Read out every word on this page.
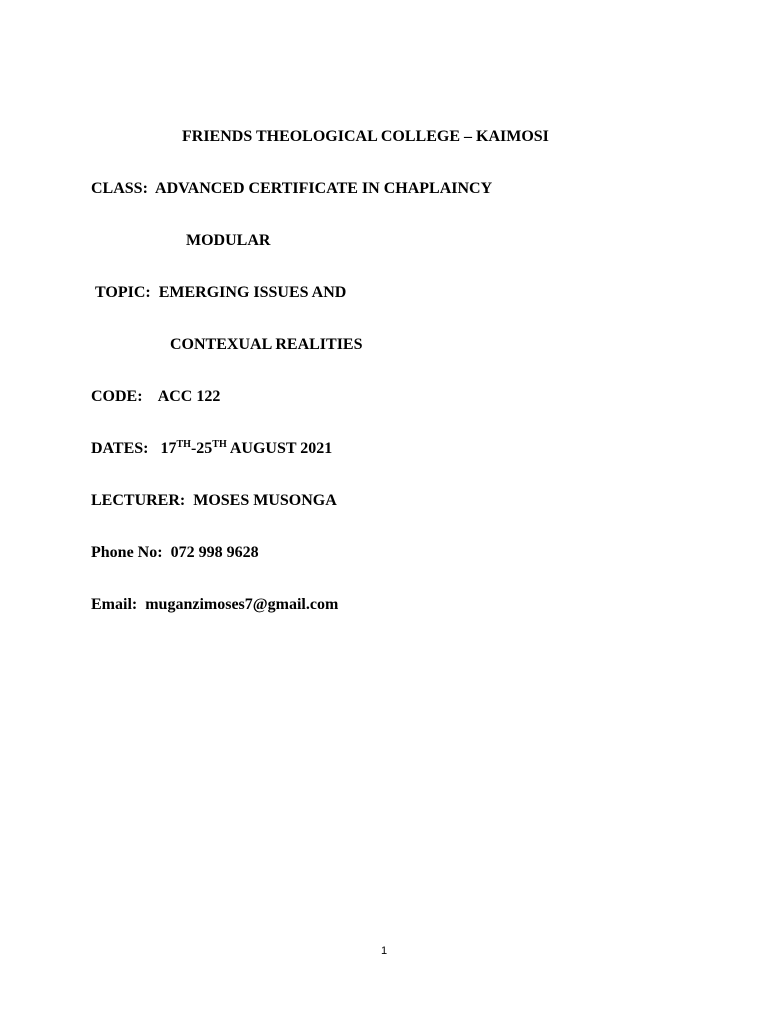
FRIENDS THEOLOGICAL COLLEGE – KAIMOSI

CLASS: ADVANCED CERTIFICATE IN CHAPLAINCY

MODULAR

TOPIC: EMERGING ISSUES AND

CONTEXUAL REALITIES

CODE: ACC 122

DATES: 17TH-25TH AUGUST 2021

LECTURER: MOSES MUSONGA

Phone No: 072 998 9628

Email: muganzimoses7@gmail.com

1
